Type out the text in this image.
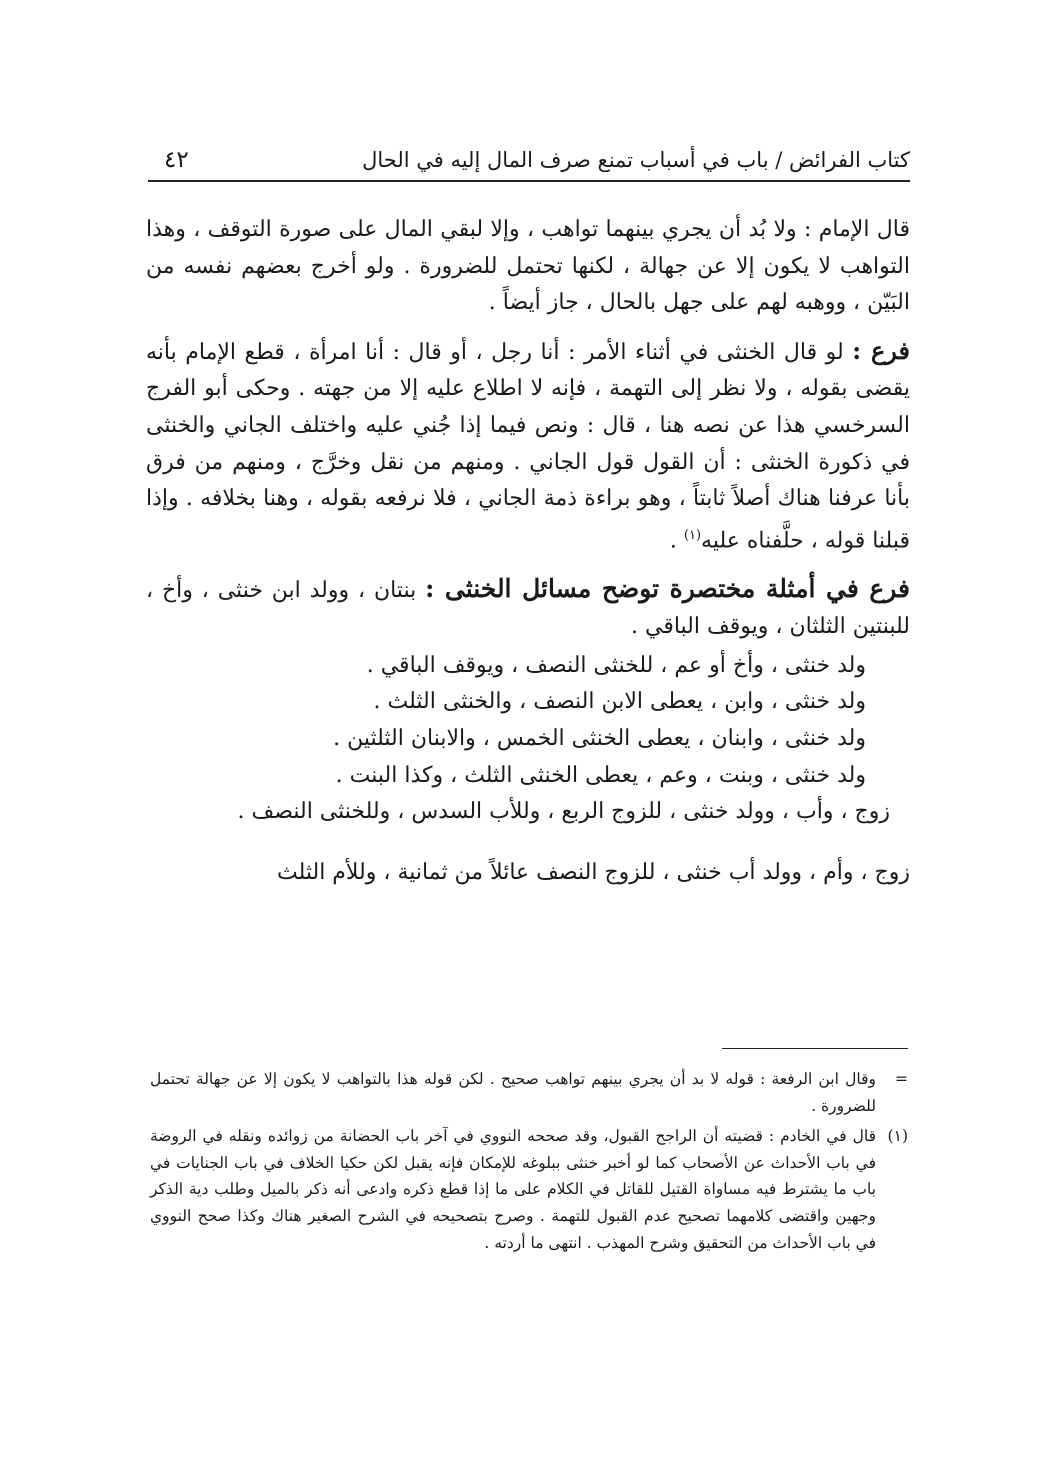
كتاب الفرائض / باب في أسباب تمنع صرف المال إليه في الحال
٤٢

قال الإمام : ولا بُد أن يجري بينهما تواهب ، وإلا لبقي المال على صورة التوقف ، وهذا التواهب لا يكون إلا عن جهالة ، لكنها تحتمل للضرورة . ولو أخرج بعضهم نفسه من البَيّن ، ووهبه لهم على جهل بالحال ، جاز أيضاً .

فرع : لو قال الخنثى في أثناء الأمر : أنا رجل ، أو قال : أنا امرأة ، قطع الإمام بأنه يقضى بقوله ، ولا نظر إلى التهمة ، فإنه لا اطلاع عليه إلا من جهته . وحكى أبو الفرج السرخسي هذا عن نصه هنا ، قال : ونص فيما إذا جُني عليه واختلف الجاني والخنثى في ذكورة الخنثى : أن القول قول الجاني . ومنهم من نقل وخرَّج ، ومنهم من فرق بأنا عرفنا هناك أصلاً ثابتاً ، وهو براءة ذمة الجاني ، فلا نرفعه بقوله ، وهنا بخلافه . وإذا قبلنا قوله ، حلَّفناه عليه$^{(١)}$ .

فرع في أمثلة مختصرة توضح مسائل الخنثى : بنتان ، وولد ابن خنثى ، وأخ ، للبنتين الثلثان ، ويوقف الباقي .

ولد خنثى ، وأخ أو عم ، للخنثى النصف ، ويوقف الباقي .

ولد خنثى ، وابن ، يعطى الابن النصف ، والخنثى الثلث .

ولد خنثى ، وابنان ، يعطى الخنثى الخمس ، والابنان الثلثين .

ولد خنثى ، وبنت ، وعم ، يعطى الخنثى الثلث ، وكذا البنت .

زوج ، وأب ، وولد خنثى ، للزوج الربع ، وللأب السدس ، وللخنثى النصف .

زوج ، وأم ، وولد أب خنثى ، للزوج النصف عائلاً من ثمانية ، وللأم الثلث

=
وقال ابن الرفعة : قوله لا بد أن يجري بينهم تواهب صحيح . لكن قوله هذا بالتواهب لا يكون إلا عن جهالة تحتمل للضرورة .
(١)
قال في الخادم : قضيته أن الراجح القبول، وقد صححه النووي في آخر باب الحضانة من زوائده ونقله في الروضة في باب الأحداث عن الأصحاب كما لو أخبر خنثى ببلوغه للإمكان فإنه يقبل لكن حكيا الخلاف في باب الجنايات في باب ما يشترط فيه مساواة القتيل للقاتل في الكلام على ما إذا قطع ذكره وادعى أنه ذكر بالميل وطلب دية الذكر وجهين واقتضى كلامهما تصحيح عدم القبول للتهمة . وصرح بتصحيحه في الشرح الصغير هناك وكذا صحح النووي في باب الأحداث من التحقيق وشرح المهذب . انتهى ما أردته .
